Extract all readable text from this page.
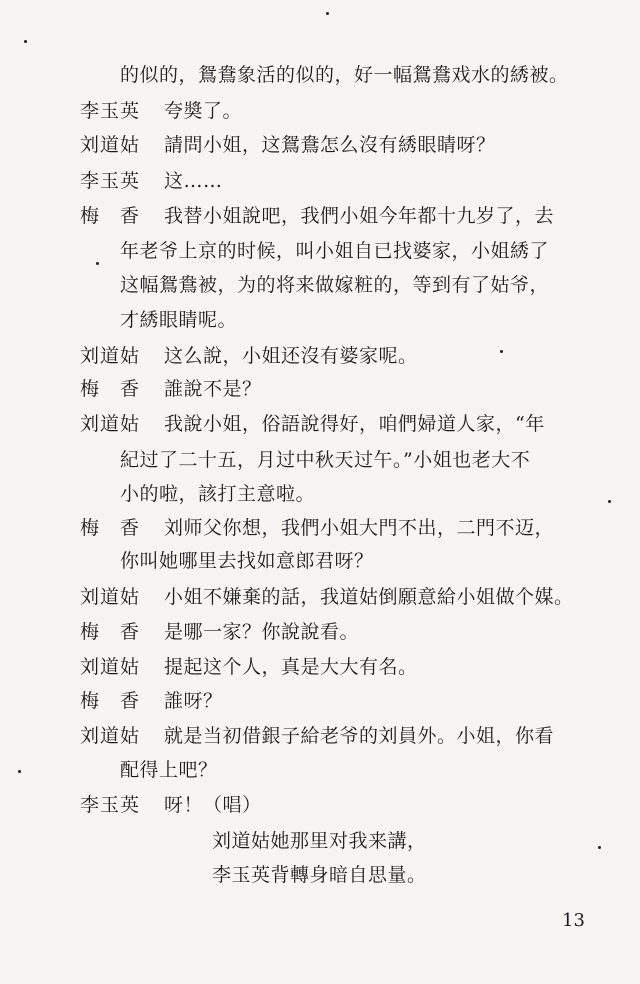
的似的，鴛鴦象活的似的，好一幅鴛鴦戏水的綉被。
李玉英 夸奬了。
刘道姑 請問小姐，这鴛鴦怎么沒有綉眼睛呀？
李玉英 这……
梅　香 我替小姐說吧，我們小姐今年都十九岁了，去
年老爷上京的时候，叫小姐自已找婆家，小姐綉了
这幅鴛鴦被，为的将来做嫁粧的，等到有了姑爷，
才綉眼睛呢。
刘道姑 这么說，小姐还沒有婆家呢。
梅　香 誰說不是？
刘道姑 我說小姐，俗語說得好，咱們婦道人家，“年
紀过了二十五，月过中秋天过午。”小姐也老大不
小的啦，該打主意啦。
梅　香 刘师父你想，我們小姐大門不出，二門不迈，
你叫她哪里去找如意郎君呀？
刘道姑 小姐不嫌棄的話，我道姑倒願意給小姐做个媒。
梅　香 是哪一家？你說說看。
刘道姑 提起这个人，真是大大有名。
梅　香 誰呀？
刘道姑 就是当初借銀子給老爷的刘員外。小姐，你看
配得上吧？
李玉英 呀！（唱）
刘道姑她那里对我来講，
李玉英背轉身暗自思量。
13
